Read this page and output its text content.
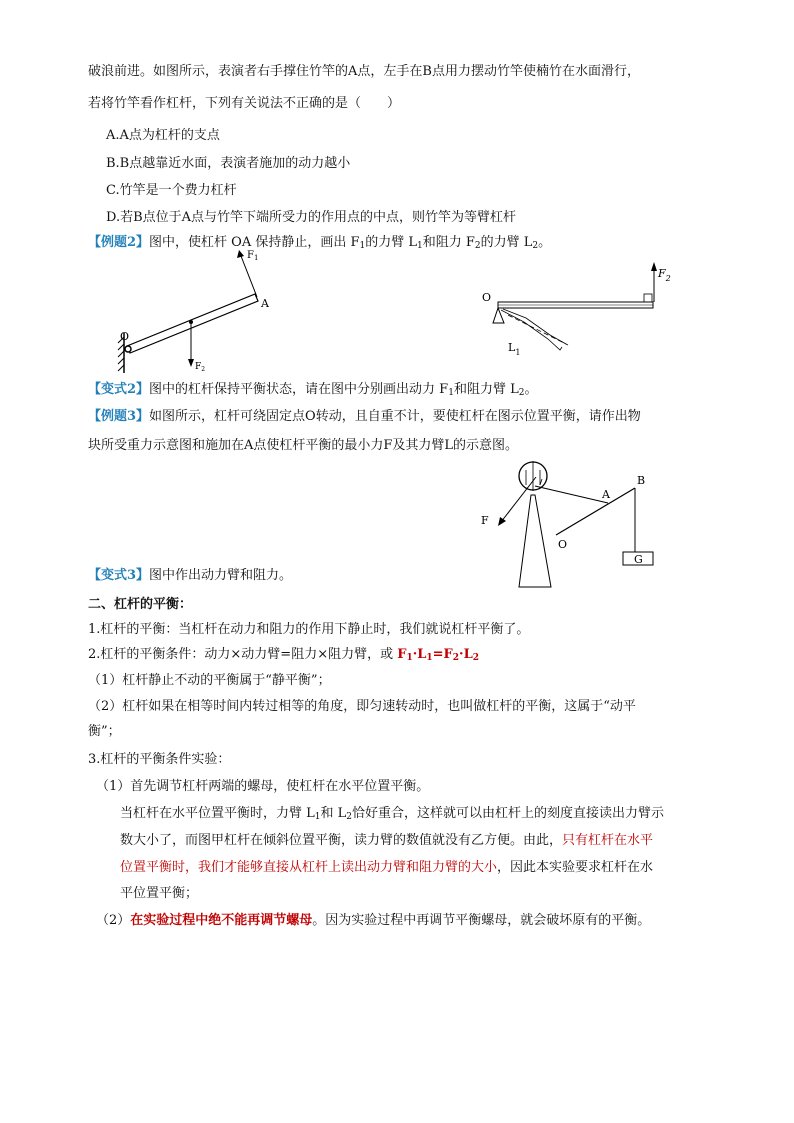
破浪前进。如图所示，表演者右手撑住竹竿的A点，左手在B点用力摆动竹竿使楠竹在水面滑行，
若将竹竿看作杠杆，下列有关说法不正确的是（　　）
A.A点为杠杆的支点
B.B点越靠近水面，表演者施加的动力越小
C.竹竿是一个费力杠杆
D.若B点位于A点与竹竿下端所受力的作用点的中点，则竹竿为等臂杠杆
【例题2】图中，使杠杆 OA 保持静止，画出 $F_1$的力臂 $L_1$和阻力 $F_2$的力臂 $L_2$。
O
A
$F_1$
$F_2$
O
$F_2$
$L_1$
【变式2】图中的杠杆保持平衡状态，请在图中分别画出动力 $F_1$和阻力臂 $L_2$。
【例题3】如图所示，杠杆可绕固定点O转动，且自重不计，要使杠杆在图示位置平衡，请作出物
块所受重力示意图和施加在A点使杠杆平衡的最小力F及其力臂L的示意图。
A
B
F
O
G
【变式3】图中作出动力臂和阻力。
二、杠杆的平衡：
1.杠杆的平衡：当杠杆在动力和阻力的作用下静止时，我们就说杠杆平衡了。
2.杠杆的平衡条件：动力×动力臂=阻力×阻力臂，或 $F_1\cdot L_1=F_2\cdot L_2$
（1）杠杆静止不动的平衡属于“静平衡”；
（2）杠杆如果在相等时间内转过相等的角度，即匀速转动时，也叫做杠杆的平衡，这属于“动平
衡”；
3.杠杆的平衡条件实验：
（1）首先调节杠杆两端的螺母，使杠杆在水平位置平衡。
当杠杆在水平位置平衡时，力臂 $L_1$和 $L_2$恰好重合，这样就可以由杠杆上的刻度直接读出力臂示
数大小了，而图甲杠杆在倾斜位置平衡，读力臂的数值就没有乙方便。由此，只有杠杆在水平
位置平衡时，我们才能够直接从杠杆上读出动力臂和阻力臂的大小，因此本实验要求杠杆在水
平位置平衡；
（2）在实验过程中绝不能再调节螺母。因为实验过程中再调节平衡螺母，就会破坏原有的平衡。
